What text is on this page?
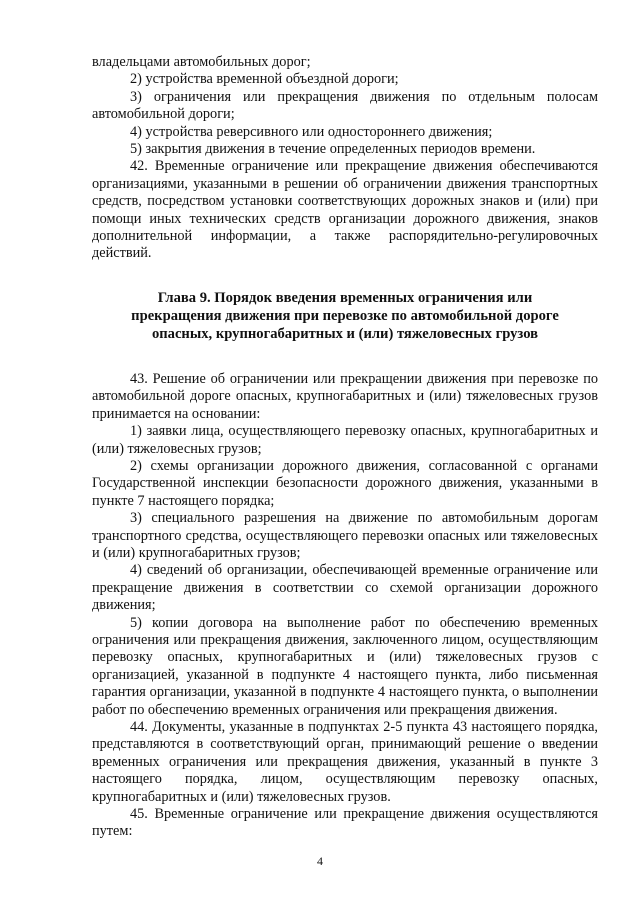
владельцами автомобильных дорог;

2) устройства временной объездной дороги;

3) ограничения или прекращения движения по отдельным полосам автомобильной дороги;

4) устройства реверсивного или одностороннего движения;

5) закрытия движения в течение определенных периодов времени.

42. Временные ограничение или прекращение движения обеспечиваются организациями, указанными в решении об ограничении движения транспортных средств, посредством установки соответствующих дорожных знаков и (или) при помощи иных технических средств организации дорожного движения, знаков дополнительной информации, а также распорядительно-регулировочных действий.

Глава 9. Порядок введения временных ограничения или прекращения движения при перевозке по автомобильной дороге опасных, крупногабаритных и (или) тяжеловесных грузов

43. Решение об ограничении или прекращении движения при перевозке по автомобильной дороге опасных, крупногабаритных и (или) тяжеловесных грузов принимается на основании:

1) заявки лица, осуществляющего перевозку опасных, крупногабаритных и (или) тяжеловесных грузов;

2) схемы организации дорожного движения, согласованной с органами Государственной инспекции безопасности дорожного движения, указанными в пункте 7 настоящего порядка;

3) специального разрешения на движение по автомобильным дорогам транспортного средства, осуществляющего перевозки опасных или тяжеловесных и (или) крупногабаритных грузов;

4) сведений об организации, обеспечивающей временные ограничение или прекращение движения в соответствии со схемой организации дорожного движения;

5) копии договора на выполнение работ по обеспечению временных ограничения или прекращения движения, заключенного лицом, осуществляющим перевозку опасных, крупногабаритных и (или) тяжеловесных грузов с организацией, указанной в подпункте 4 настоящего пункта, либо письменная гарантия организации, указанной в подпункте 4 настоящего пункта, о выполнении работ по обеспечению временных ограничения или прекращения движения.

44. Документы, указанные в подпунктах 2-5 пункта 43 настоящего порядка, представляются в соответствующий орган, принимающий решение о введении временных ограничения или прекращения движения, указанный в пункте 3 настоящего порядка, лицом, осуществляющим перевозку опасных, крупногабаритных и (или) тяжеловесных грузов.

45. Временные ограничение или прекращение движения осуществляются путем:

4
